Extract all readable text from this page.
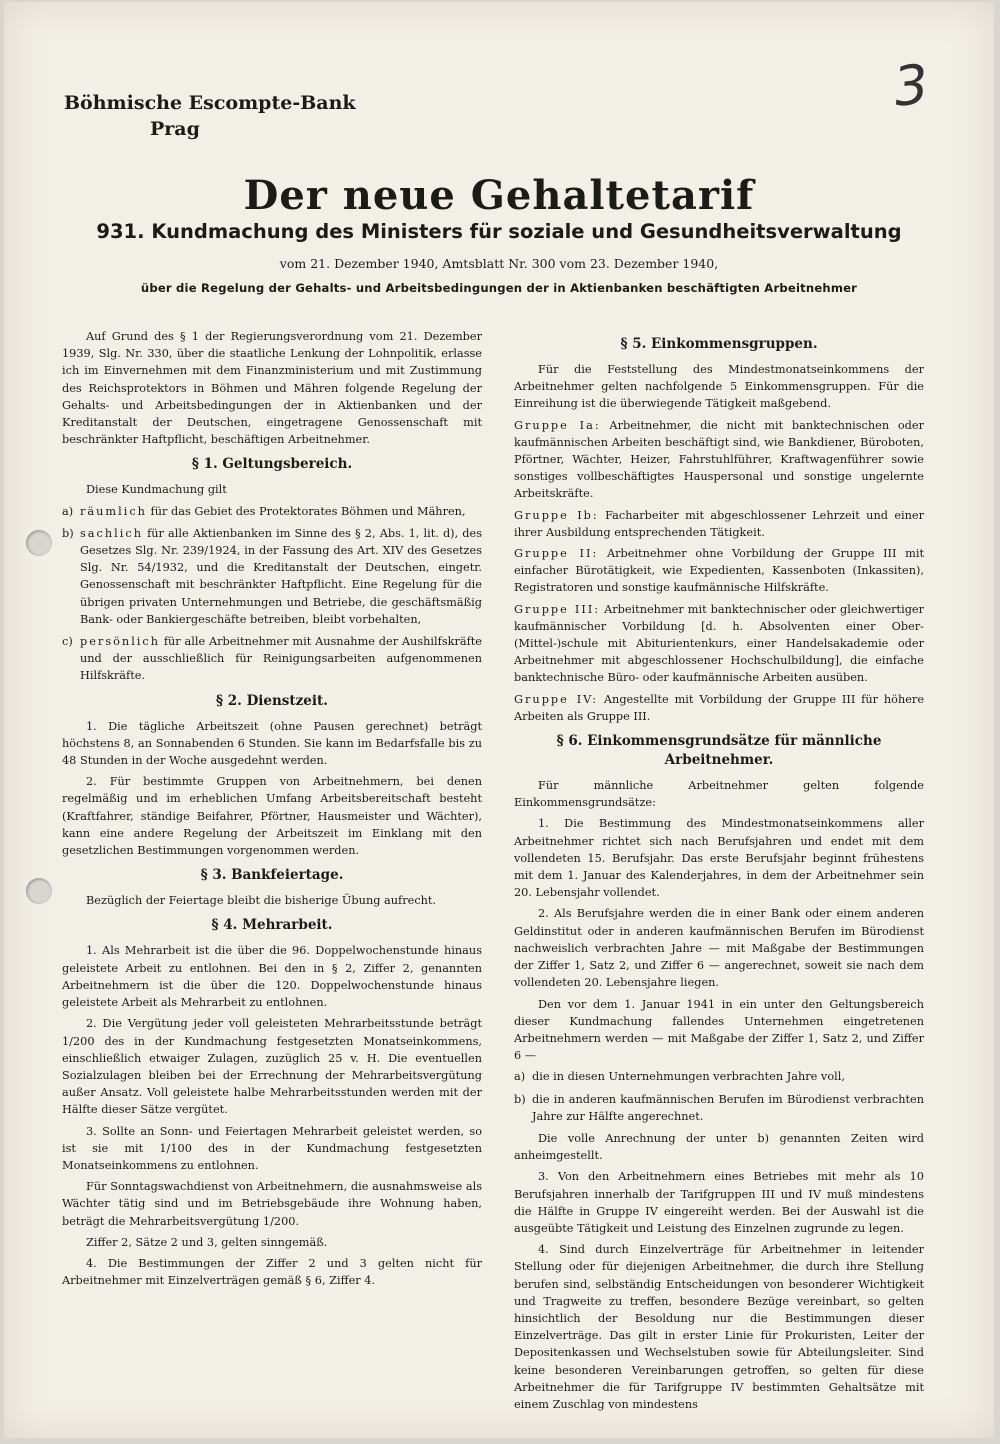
3
Böhmische Escompte-Bank
Prag
Der neue Gehaltetarif
931. Kundmachung des Ministers für soziale und Gesundheitsverwaltung
vom 21. Dezember 1940, Amtsblatt Nr. 300 vom 23. Dezember 1940,
über die Regelung der Gehalts- und Arbeitsbedingungen der in Aktienbanken beschäftigten Arbeitnehmer

Auf Grund des § 1 der Regierungsverordnung vom 21. Dezember 1939, Slg. Nr. 330, über die staatliche Lenkung der Lohnpolitik, erlasse ich im Einvernehmen mit dem Finanzministerium und mit Zustimmung des Reichsprotektors in Böhmen und Mähren folgende Regelung der Gehalts- und Arbeitsbedingungen der in Aktienbanken und der Kreditanstalt der Deutschen, eingetragene Genossenschaft mit beschränkter Haftpflicht, beschäftigen Arbeitnehmer.

§ 1. Geltungsbereich.

Diese Kundmachung gilt

a) räumlich für das Gebiet des Protektorates Böhmen und Mähren,
b) sachlich für alle Aktienbanken im Sinne des § 2, Abs. 1, lit. d), des Gesetzes Slg. Nr. 239/1924, in der Fassung des Art. XIV des Gesetzes Slg. Nr. 54/1932, und die Kreditanstalt der Deutschen, eingetr. Genossenschaft mit beschränkter Haftpflicht. Eine Regelung für die übrigen privaten Unternehmungen und Betriebe, die geschäftsmäßig Bank- oder Bankiergeschäfte betreiben, bleibt vorbehalten,
c) persönlich für alle Arbeitnehmer mit Ausnahme der Aushilfskräfte und der ausschließlich für Reinigungsarbeiten aufgenommenen Hilfskräfte.
§ 2. Dienstzeit.

1. Die tägliche Arbeitszeit (ohne Pausen gerechnet) beträgt höchstens 8, an Sonnabenden 6 Stunden. Sie kann im Bedarfsfalle bis zu 48 Stunden in der Woche ausgedehnt werden.

2. Für bestimmte Gruppen von Arbeitnehmern, bei denen regelmäßig und im erheblichen Umfang Arbeitsbereitschaft besteht (Kraftfahrer, ständige Beifahrer, Pförtner, Hausmeister und Wächter), kann eine andere Regelung der Arbeitszeit im Einklang mit den gesetzlichen Bestimmungen vorgenommen werden.

§ 3. Bankfeiertage.

Bezüglich der Feiertage bleibt die bisherige Übung aufrecht.

§ 4. Mehrarbeit.

1. Als Mehrarbeit ist die über die 96. Doppelwochenstunde hinaus geleistete Arbeit zu entlohnen. Bei den in § 2, Ziffer 2, genannten Arbeitnehmern ist die über die 120. Doppelwochenstunde hinaus geleistete Arbeit als Mehrarbeit zu entlohnen.

2. Die Vergütung jeder voll geleisteten Mehrarbeitsstunde beträgt 1/200 des in der Kundmachung festgesetzten Monatseinkommens, einschließlich etwaiger Zulagen, zuzüglich 25 v. H. Die eventuellen Sozialzulagen bleiben bei der Errechnung der Mehrarbeitsvergütung außer Ansatz. Voll geleistete halbe Mehrarbeitsstunden werden mit der Hälfte dieser Sätze vergütet.

3. Sollte an Sonn- und Feiertagen Mehrarbeit geleistet werden, so ist sie mit 1/100 des in der Kundmachung festgesetzten Monatseinkommens zu entlohnen.

Für Sonntagswachdienst von Arbeitnehmern, die ausnahmsweise als Wächter tätig sind und im Betriebsgebäude ihre Wohnung haben, beträgt die Mehrarbeitsvergütung 1/200.

Ziffer 2, Sätze 2 und 3, gelten sinngemäß.

4. Die Bestimmungen der Ziffer 2 und 3 gelten nicht für Arbeitnehmer mit Einzelverträgen gemäß § 6, Ziffer 4.

§ 5. Einkommensgruppen.

Für die Feststellung des Mindestmonatseinkommens der Arbeitnehmer gelten nachfolgende 5 Einkommensgruppen. Für die Einreihung ist die überwiegende Tätigkeit maßgebend.

Gruppe Ia: Arbeitnehmer, die nicht mit banktechnischen oder kaufmännischen Arbeiten beschäftigt sind, wie Bankdiener, Büroboten, Pförtner, Wächter, Heizer, Fahrstuhlführer, Kraftwagenführer sowie sonstiges vollbeschäftigtes Hauspersonal und sonstige ungelernte Arbeitskräfte.

Gruppe Ib: Facharbeiter mit abgeschlossener Lehrzeit und einer ihrer Ausbildung entsprechenden Tätigkeit.

Gruppe II: Arbeitnehmer ohne Vorbildung der Gruppe III mit einfacher Bürotätigkeit, wie Expedienten, Kassenboten (Inkassiten), Registratoren und sonstige kaufmännische Hilfskräfte.

Gruppe III: Arbeitnehmer mit banktechnischer oder gleichwertiger kaufmännischer Vorbildung [d. h. Absolventen einer Ober-(Mittel-)schule mit Abiturientenkurs, einer Handelsakademie oder Arbeitnehmer mit abgeschlossener Hochschulbildung], die einfache banktechnische Büro- oder kaufmännische Arbeiten ausüben.

Gruppe IV: Angestellte mit Vorbildung der Gruppe III für höhere Arbeiten als Gruppe III.

§ 6. Einkommensgrundsätze für männliche Arbeitnehmer.

Für männliche Arbeitnehmer gelten folgende Einkommensgrundsätze:

1. Die Bestimmung des Mindestmonatseinkommens aller Arbeitnehmer richtet sich nach Berufsjahren und endet mit dem vollendeten 15. Berufsjahr. Das erste Berufsjahr beginnt frühestens mit dem 1. Januar des Kalenderjahres, in dem der Arbeitnehmer sein 20. Lebensjahr vollendet.

2. Als Berufsjahre werden die in einer Bank oder einem anderen Geldinstitut oder in anderen kaufmännischen Berufen im Bürodienst nachweislich verbrachten Jahre — mit Maßgabe der Bestimmungen der Ziffer 1, Satz 2, und Ziffer 6 — angerechnet, soweit sie nach dem vollendeten 20. Lebensjahre liegen.

Den vor dem 1. Januar 1941 in ein unter den Geltungsbereich dieser Kundmachung fallendes Unternehmen eingetretenen Arbeitnehmern werden — mit Maßgabe der Ziffer 1, Satz 2, und Ziffer 6 —

a) die in diesen Unternehmungen verbrachten Jahre voll,
b) die in anderen kaufmännischen Berufen im Bürodienst verbrachten Jahre zur Hälfte angerechnet.

Die volle Anrechnung der unter b) genannten Zeiten wird anheimgestellt.

3. Von den Arbeitnehmern eines Betriebes mit mehr als 10 Berufsjahren innerhalb der Tarifgruppen III und IV muß mindestens die Hälfte in Gruppe IV eingereiht werden. Bei der Auswahl ist die ausgeübte Tätigkeit und Leistung des Einzelnen zugrunde zu legen.

4. Sind durch Einzelverträge für Arbeitnehmer in leitender Stellung oder für diejenigen Arbeitnehmer, die durch ihre Stellung berufen sind, selbständig Entscheidungen von besonderer Wichtigkeit und Tragweite zu treffen, besondere Bezüge vereinbart, so gelten hinsichtlich der Besoldung nur die Bestimmungen dieser Einzelverträge. Das gilt in erster Linie für Prokuristen, Leiter der Depositenkassen und Wechselstuben sowie für Abteilungsleiter. Sind keine besonderen Vereinbarungen getroffen, so gelten für diese Arbeitnehmer die für Tarifgruppe IV bestimmten Gehaltsätze mit einem Zuschlag von mindestens
